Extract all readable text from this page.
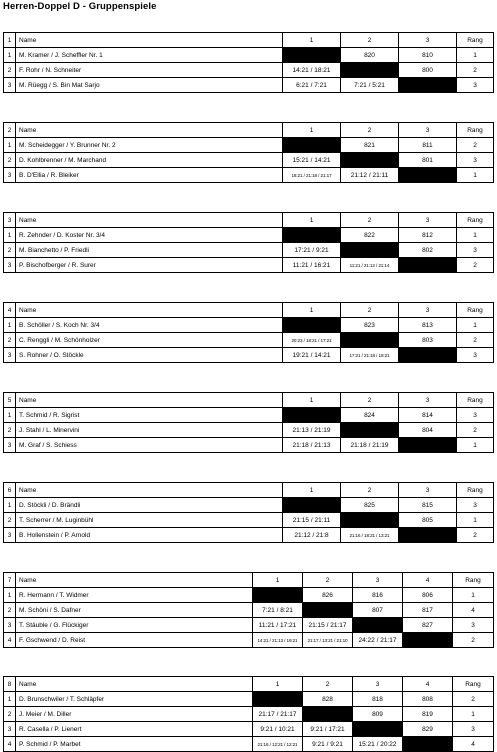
Herren-Doppel D - Gruppenspiele
1	Name	1	2	3	Rang
1	M. Kramer / J. Scheffler Nr. 1		820	810	1
2	F. Rohr / N. Schneiter	14:21 / 18:21		800	2
3	M. Rüegg / S. Bin Mat Sarjo	6:21 / 7:21	7:21 / 5:21		3
2	Name	1	2	3	Rang
1	M. Scheidegger / Y. Brunner Nr. 2		821	811	2
2	D. Kohlbrenner / M. Marchand	15:21 / 14:21		801	3
3	B. D'Ellia / R. Bleiker	18:21 / 21:18 / 21:17	21:12 / 21:11		1
3	Name	1	2	3	Rang
1	R. Zehnder / D. Koster Nr. 3/4		822	812	1
2	M. Bianchetto / P. Friedli	17:21 / 9:21		802	3
3	P. Bischofberger / R. Surer	11:21 / 16:21	11:21 / 21:12 / 21:14		2
4	Name	1	2	3	Rang
1	B. Schöller / S. Koch Nr. 3/4		823	813	1
2	C. Renggli / M. Schönholzer	20:23 / 18:21 / 17:21		803	2
3	S. Rohner / O. Stöckle	19:21 / 14:21	17:21 / 21:18 / 18:21		3
5	Name	1	2	3	Rang
1	T. Schmid / R. Sigrist		824	814	3
2	J. Stahl / L. Minervini	21:13 / 21:19		804	2
3	M. Graf / S. Schiess	21:18 / 21:13	21:18 / 21:19		1
6	Name	1	2	3	Rang
1	D. Stöckli / D. Brändli		825	815	3
2	T. Scherrer / M. Luginbühl	21:15 / 21:11		805	1
3	B. Hollenstein / P. Arnold	21:12 / 21:8	21:16 / 18:21 / 13:21		2
7	Name	1	2	3	4	Rang
1	R. Hermann / T. Widmer		826	816	806	1
2	M. Schöni / S. Dafner	7:21 / 8:21		807	817	4
3	T. Stäuble / G. Flückiger	11:21 / 17:21	21:15 / 21:17		827	3
4	F. Gschwend / D. Reist	14:21 / 21:13 / 19:21	21:17 / 13:21 / 21:10	24:22 / 21:17		2
8	Name	1	2	3	4	Rang
1	D. Brunschwiler / T. Schläpfer		828	818	808	2
2	J. Meier / M. Diller	21:17 / 21:17		809	819	1
3	R. Casella / P. Lienert	9:21 / 10:21	9:21 / 17:21		829	3
4	P. Schmid / P. Marbet	21:16 / 12:21 / 12:21	9:21 / 9:21	15:21 / 20:22		4
